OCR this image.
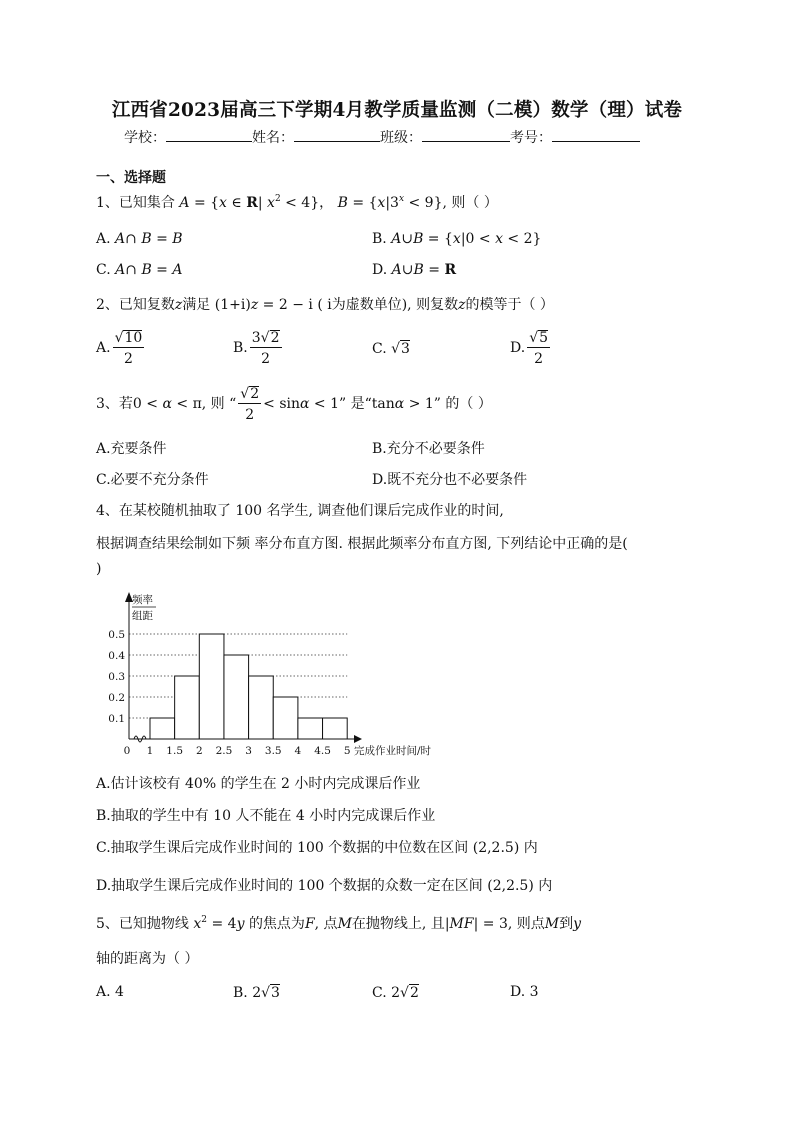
江西省2023届高三下学期4月教学质量监测（二模）数学（理）试卷
学校：	姓名：	班级：	考号：
一、选择题
1、已知集合 A = {x ∈ R| $x^2 < 4$}， $B = \{x|3^x < 9\}$, 则（ ）
A. A∩ B = B	B. A∪B = {x|0 < x < 2}
C. A∩ B = A	D. A∪B = R
2、已知复数z满足 (1+i)z = 2 − i ( i为虚数单位), 则复数z的模等于（ ）
A. $\frac{√10}{2}$	B. $\frac{3√2}{2}$	C. √3	D. $\frac{√5}{2}$
3、若0 < α < π, 则 “ $\frac{√2}{2} < \sin\alpha < 1$” 是“tanα > 1” 的（ ）
A.充要条件	B.充分不必要条件
C.必要不充分条件	D.既不充分也不必要条件
4、在某校随机抽取了 100 名学生, 调查他们课后完成作业的时间,
根据调查结果绘制如下频 率分布直方图. 根据此频率分布直方图, 下列结论中正确的是(
)
0.1
0.2
0.3
0.4
0.5
0 1 1.5 2 2.5 3 3.5 4 4.5 5
频率
组距
完成作业时间/时
A.估计该校有 40% 的学生在 2 小时内完成课后作业
B.抽取的学生中有 10 人不能在 4 小时内完成课后作业
C.抽取学生课后完成作业时间的 100 个数据的中位数在区间 (2,2.5) 内
D.抽取学生课后完成作业时间的 100 个数据的众数一定在区间 (2,2.5) 内
5、已知抛物线 $x^2 = 4y$ 的焦点为F, 点M在抛物线上, 且|MF| = 3, 则点M到y
轴的距离为（ ）
A. 4	B. 2√3	C. 2√2	D. 3
